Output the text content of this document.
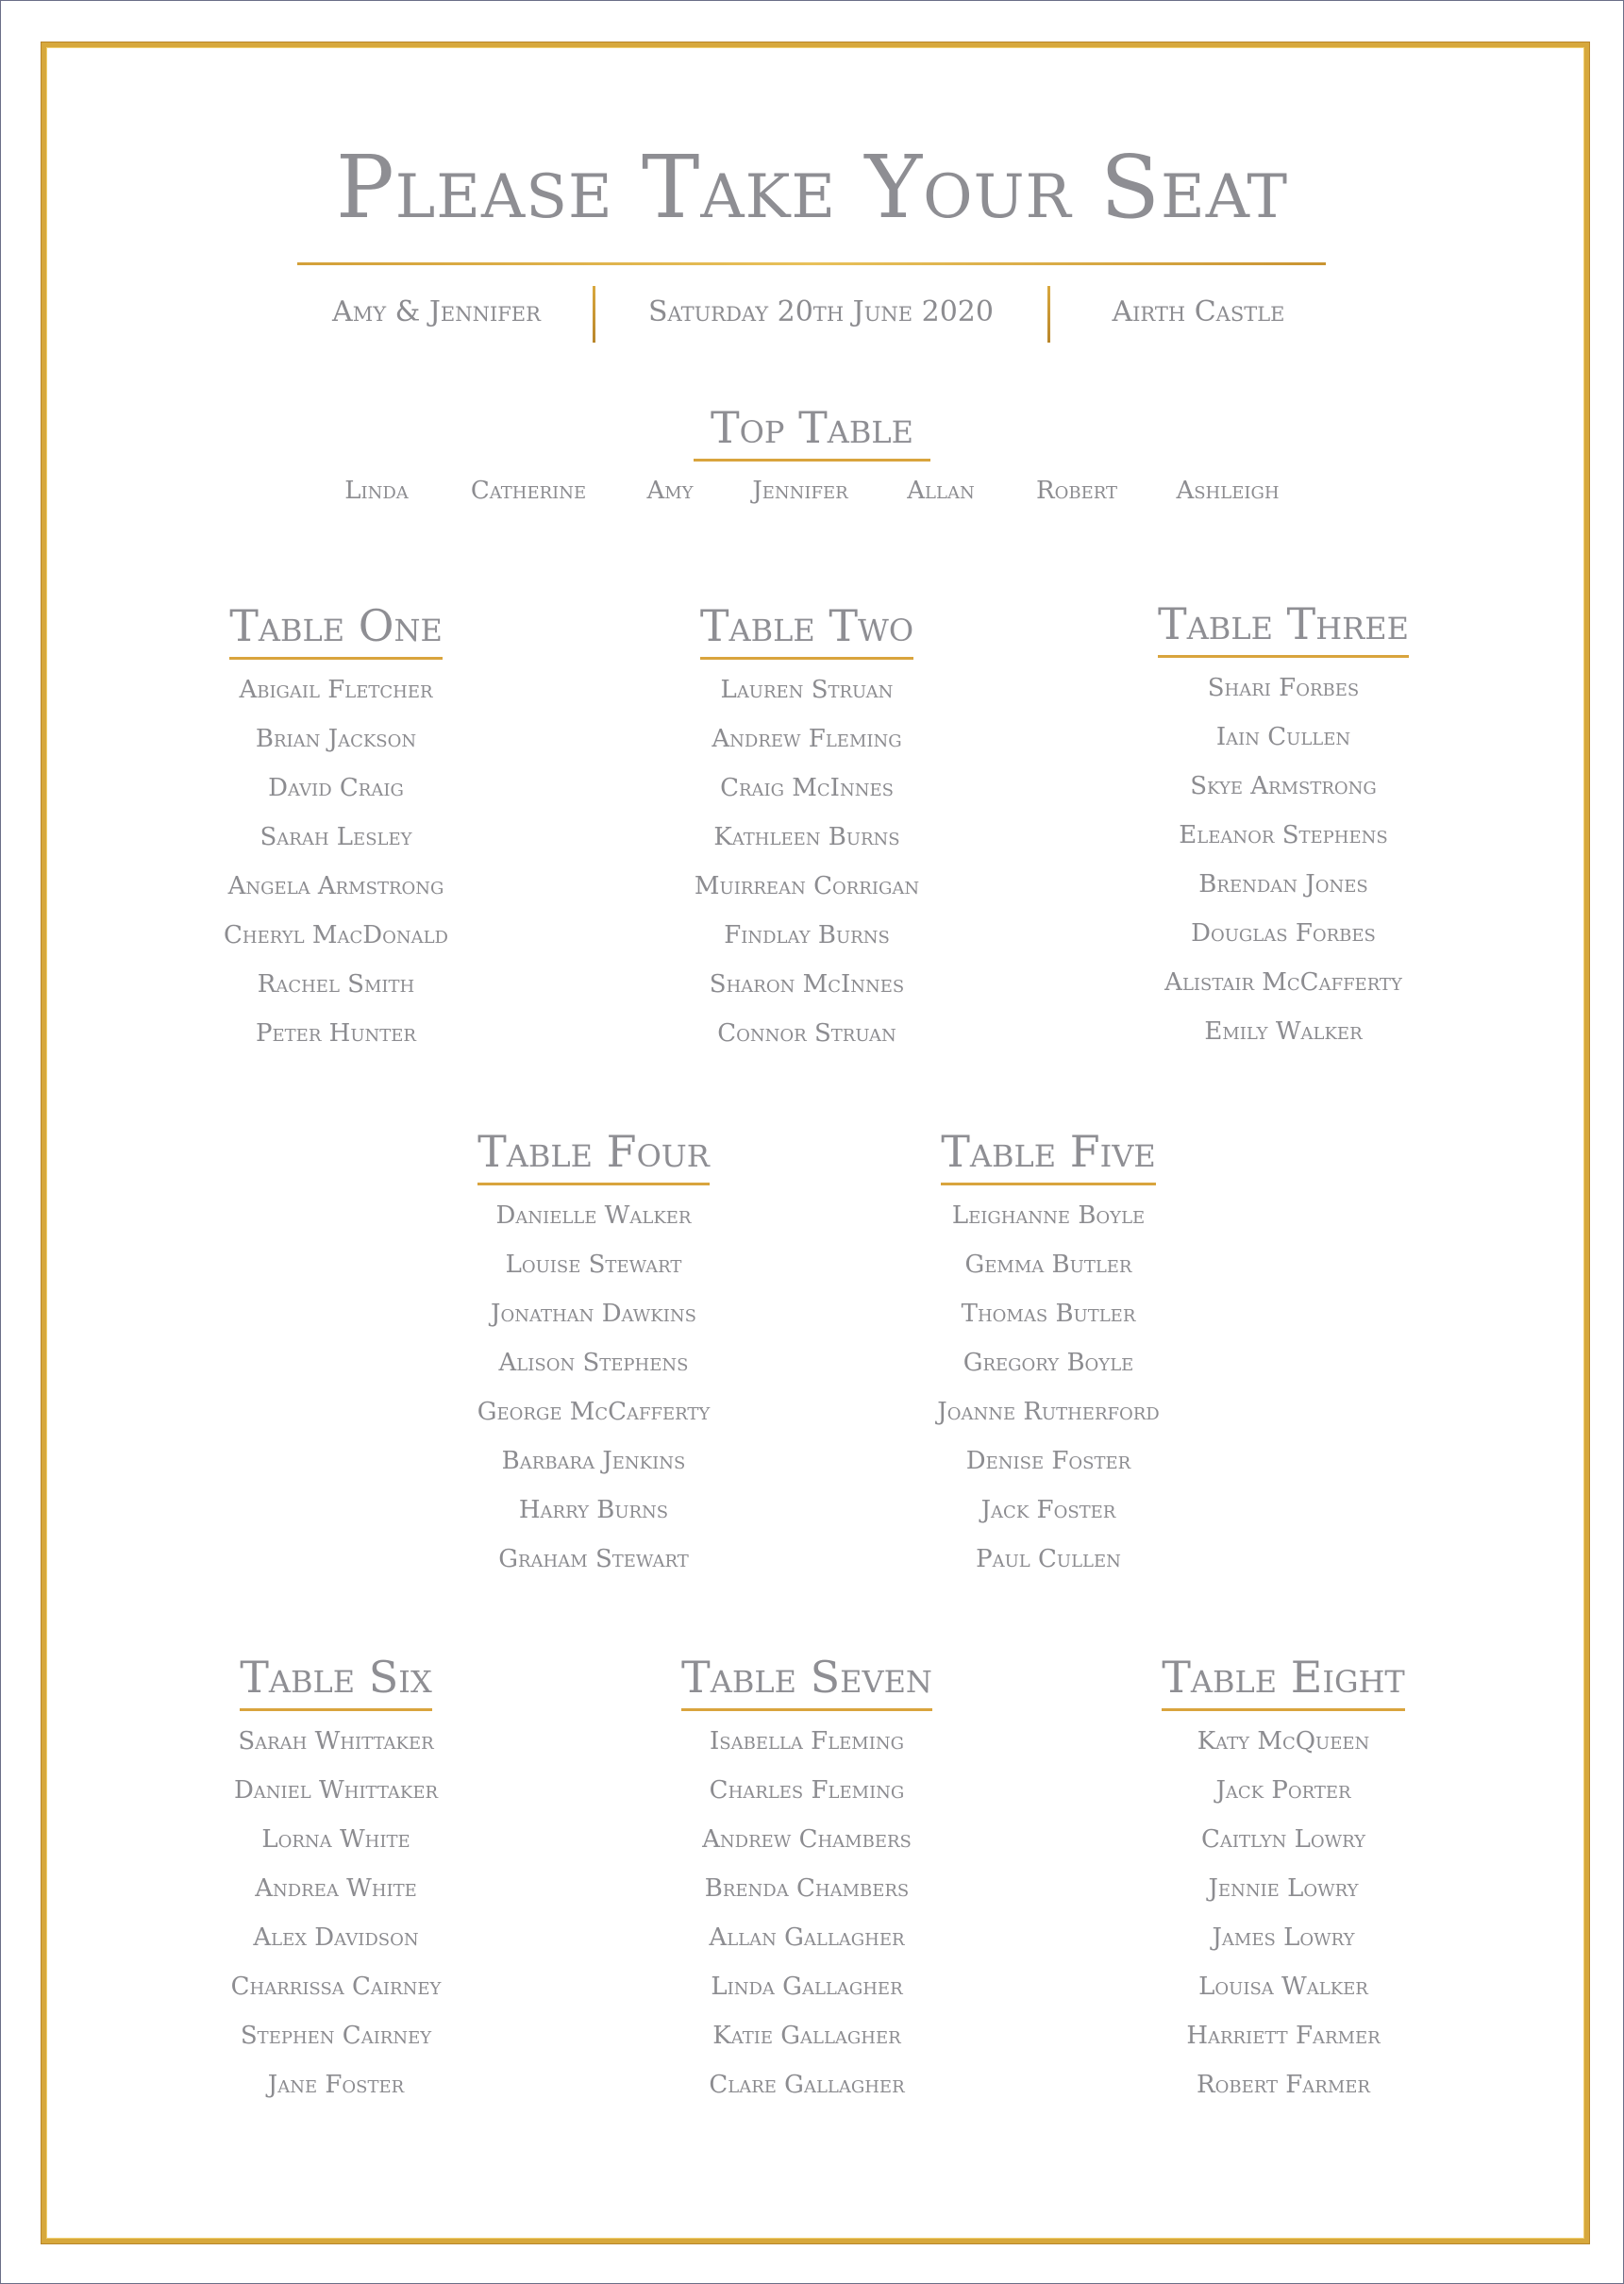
Please Take Your Seat
Amy & Jennifer	Saturday 20th June 2020	Airth Castle
Top Table
Linda	Catherine Amy Jennifer Allan	Robert Ashleigh
Table One
Abigail Fletcher
Brian Jackson
David Craig
Sarah Lesley
Angela Armstrong
Cheryl MacDonald
Rachel Smith
Peter Hunter
Table Two
Lauren Struan
Andrew Fleming
Craig McInnes
Kathleen Burns
Muirrean Corrigan
Findlay Burns
Sharon McInnes
Connor Struan
Table Three
Shari Forbes
Iain Cullen
Skye Armstrong
Eleanor Stephens
Brendan Jones
Douglas Forbes
Alistair McCafferty
Emily Walker
Table Four
Danielle Walker
Louise Stewart
Jonathan Dawkins
Alison Stephens
George McCafferty
Barbara Jenkins
Harry Burns
Graham Stewart
Table Five
Leighanne Boyle
Gemma Butler
Thomas Butler
Gregory Boyle
Joanne Rutherford
Denise Foster
Jack Foster
Paul Cullen
Table Six
Sarah Whittaker
Daniel Whittaker
Lorna White
Andrea White
Alex Davidson
Charrissa Cairney
Stephen Cairney
Jane Foster
Table Seven
Isabella Fleming
Charles Fleming
Andrew Chambers
Brenda Chambers
Allan Gallagher
Linda Gallagher
Katie Gallagher
Clare Gallagher
Table Eight
Katy McQueen
Jack Porter
Caitlyn Lowry
Jennie Lowry
James Lowry
Louisa Walker
Harriett Farmer
Robert Farmer
